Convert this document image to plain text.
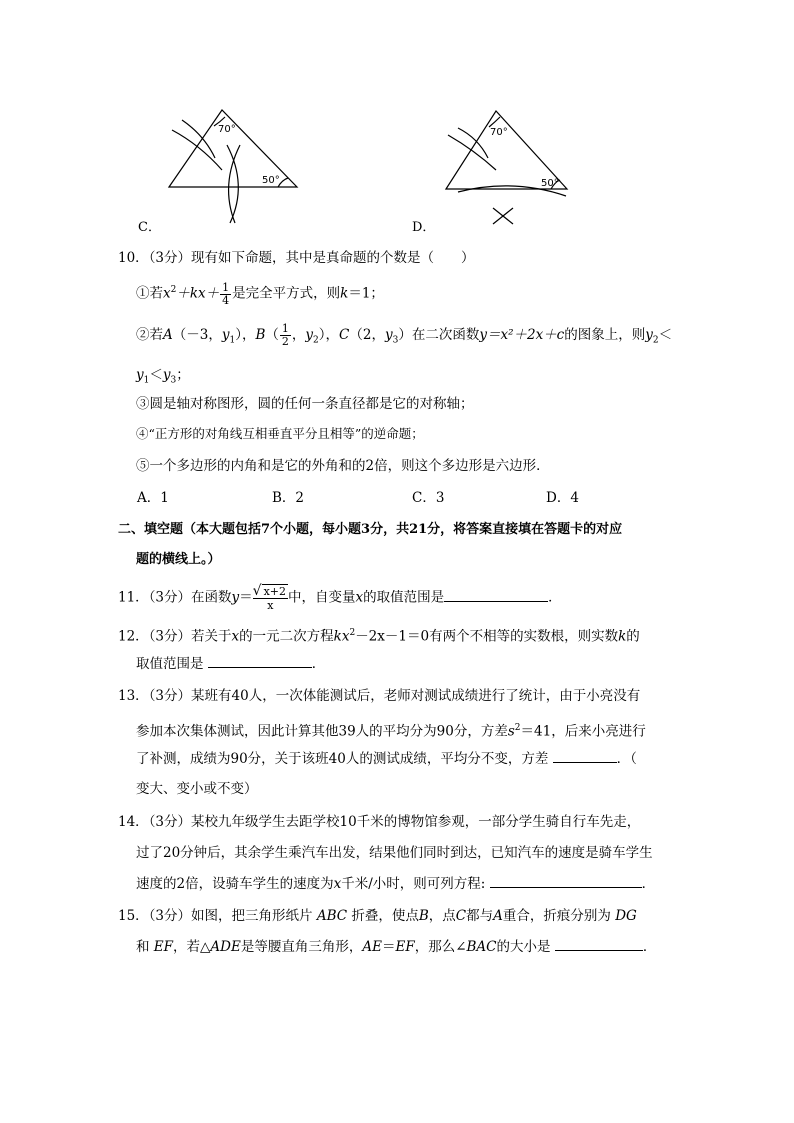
70°
50°
C．
70°
50°
D．
10．（3分）现有如下命题，其中是真命题的个数是（　　）
①若$x^2+kx+ \frac{1}{4}$ 是完全平方式，则k＝1；
②若A（－3，$y_1$），$B( \frac{1}{2}$ ，$y_2$），C（2，$y_3$）在二次函数y＝x²＋2x＋c的图象上，则$y_2<$
$y_1<y_3$；
③圆是轴对称图形，圆的任何一条直径都是它的对称轴；
④“正方形的对角线互相垂直平分且相等”的逆命题；
⑤一个多边形的内角和是它的外角和的2倍，则这个多边形是六边形．
A．1	B．2	C．3	D．4
二、填空题（本大题包括7个小题，每小题3分，共21分，将答案直接填在答题卡的对应
题的横线上。）
11．（3分）在函数$y= \frac{√ x+2}{x}$ 中，自变量x的取值范围是	．
12．（3分）若关于x的一元二次方程$kx^2-2x-1=0$有两个不相等的实数根，则实数k的
取值范围是	．
13．（3分）某班有40人，一次体能测试后，老师对测试成绩进行了统计，由于小亮没有
参加本次集体测试，因此计算其他39人的平均分为90分，方差$s^2=41$，后来小亮进行
了补测，成绩为90分，关于该班40人的测试成绩，平均分不变，方差	．（
变大、变小或不变）
14．（3分）某校九年级学生去距学校10千米的博物馆参观，一部分学生骑自行车先走，
过了20分钟后，其余学生乘汽车出发，结果他们同时到达，已知汽车的速度是骑车学生
速度的2倍，设骑车学生的速度为x千米/小时，则可列方程:	．
15．（3分）如图，把三角形纸片 ABC 折叠，使点B，点C都与A重合，折痕分别为 DG
和 EF，若△ADE是等腰直角三角形，AE＝EF，那么∠BAC的大小是	．
